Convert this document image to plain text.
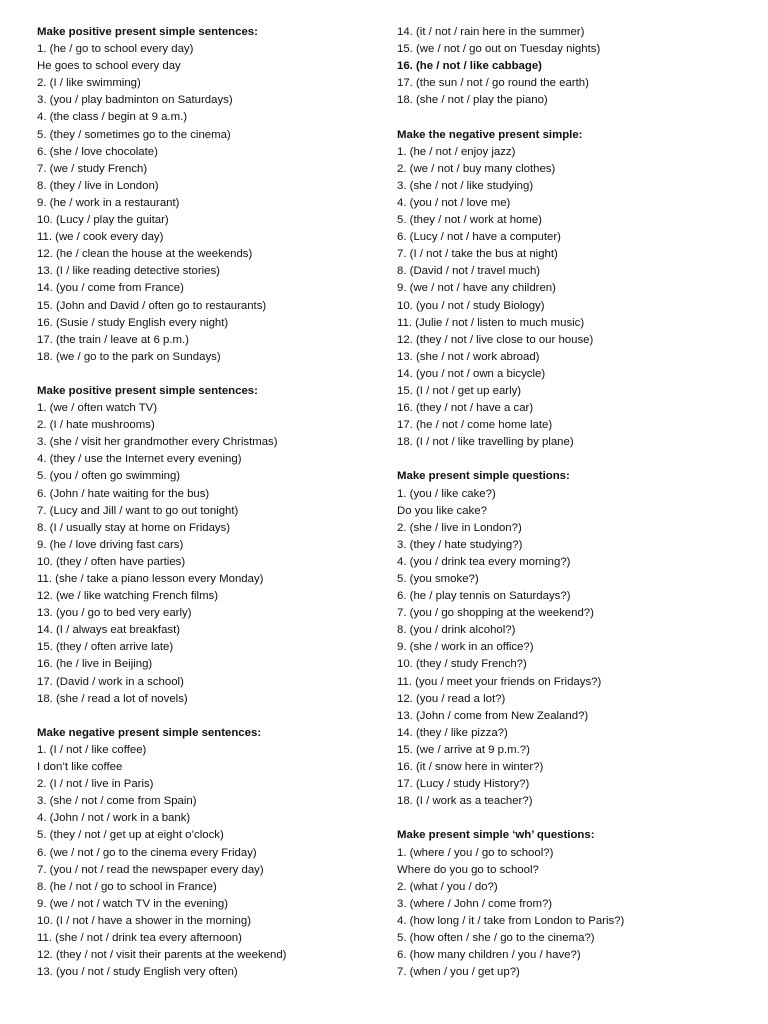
Make positive present simple sentences:
1. (he / go to school every day)
He goes to school every day
2. (I / like swimming)
3. (you / play badminton on Saturdays)
4. (the class / begin at 9 a.m.)
5. (they / sometimes go to the cinema)
6. (she / love chocolate)
7. (we / study French)
8. (they / live in London)
9. (he / work in a restaurant)
10. (Lucy / play the guitar)
11. (we / cook every day)
12. (he / clean the house at the weekends)
13. (I / like reading detective stories)
14. (you / come from France)
15. (John and David / often go to restaurants)
16. (Susie / study English every night)
17. (the train / leave at 6 p.m.)
18. (we / go to the park on Sundays)
Make positive present simple sentences:
1. (we / often watch TV)
2. (I / hate mushrooms)
3. (she / visit her grandmother every Christmas)
4. (they / use the Internet every evening)
5. (you / often go swimming)
6. (John / hate waiting for the bus)
7. (Lucy and Jill / want to go out tonight)
8. (I / usually stay at home on Fridays)
9. (he / love driving fast cars)
10. (they / often have parties)
11. (she / take a piano lesson every Monday)
12. (we / like watching French films)
13. (you / go to bed very early)
14. (I / always eat breakfast)
15. (they / often arrive late)
16. (he / live in Beijing)
17. (David / work in a school)
18. (she / read a lot of novels)
Make negative present simple sentences:
1. (I / not / like coffee)
I don’t like coffee
2. (I / not / live in Paris)
3. (she / not / come from Spain)
4. (John / not / work in a bank)
5. (they / not / get up at eight o’clock)
6. (we / not / go to the cinema every Friday)
7. (you / not / read the newspaper every day)
8. (he / not / go to school in France)
9. (we / not / watch TV in the evening)
10. (I / not / have a shower in the morning)
11. (she / not / drink tea every afternoon)
12. (they / not / visit their parents at the weekend)
13. (you / not / study English very often)
14. (it / not / rain here in the summer)
15. (we / not / go out on Tuesday nights)
16. (he / not / like cabbage)
17. (the sun / not / go round the earth)
18. (she / not / play the piano)
Make the negative present simple:
1. (he / not / enjoy jazz)
2. (we / not / buy many clothes)
3. (she / not / like studying)
4. (you / not / love me)
5. (they / not / work at home)
6. (Lucy / not / have a computer)
7. (I / not / take the bus at night)
8. (David / not / travel much)
9. (we / not / have any children)
10. (you / not / study Biology)
11. (Julie / not / listen to much music)
12. (they / not / live close to our house)
13. (she / not / work abroad)
14. (you / not / own a bicycle)
15. (I / not / get up early)
16. (they / not / have a car)
17. (he / not / come home late)
18. (I / not / like travelling by plane)
Make present simple questions:
1. (you / like cake?)
Do you like cake?
2. (she / live in London?)
3. (they / hate studying?)
4. (you / drink tea every morning?)
5. (you smoke?)
6. (he / play tennis on Saturdays?)
7. (you / go shopping at the weekend?)
8. (you / drink alcohol?)
9. (she / work in an office?)
10. (they / study French?)
11. (you / meet your friends on Fridays?)
12. (you / read a lot?)
13. (John / come from New Zealand?)
14. (they / like pizza?)
15. (we / arrive at 9 p.m.?)
16. (it / snow here in winter?)
17. (Lucy / study History?)
18. (I / work as a teacher?)
Make present simple ‘wh’ questions:
1. (where / you / go to school?)
Where do you go to school?
2. (what / you / do?)
3. (where / John / come from?)
4. (how long / it / take from London to Paris?)
5. (how often / she / go to the cinema?)
6. (how many children / you / have?)
7. (when / you / get up?)
